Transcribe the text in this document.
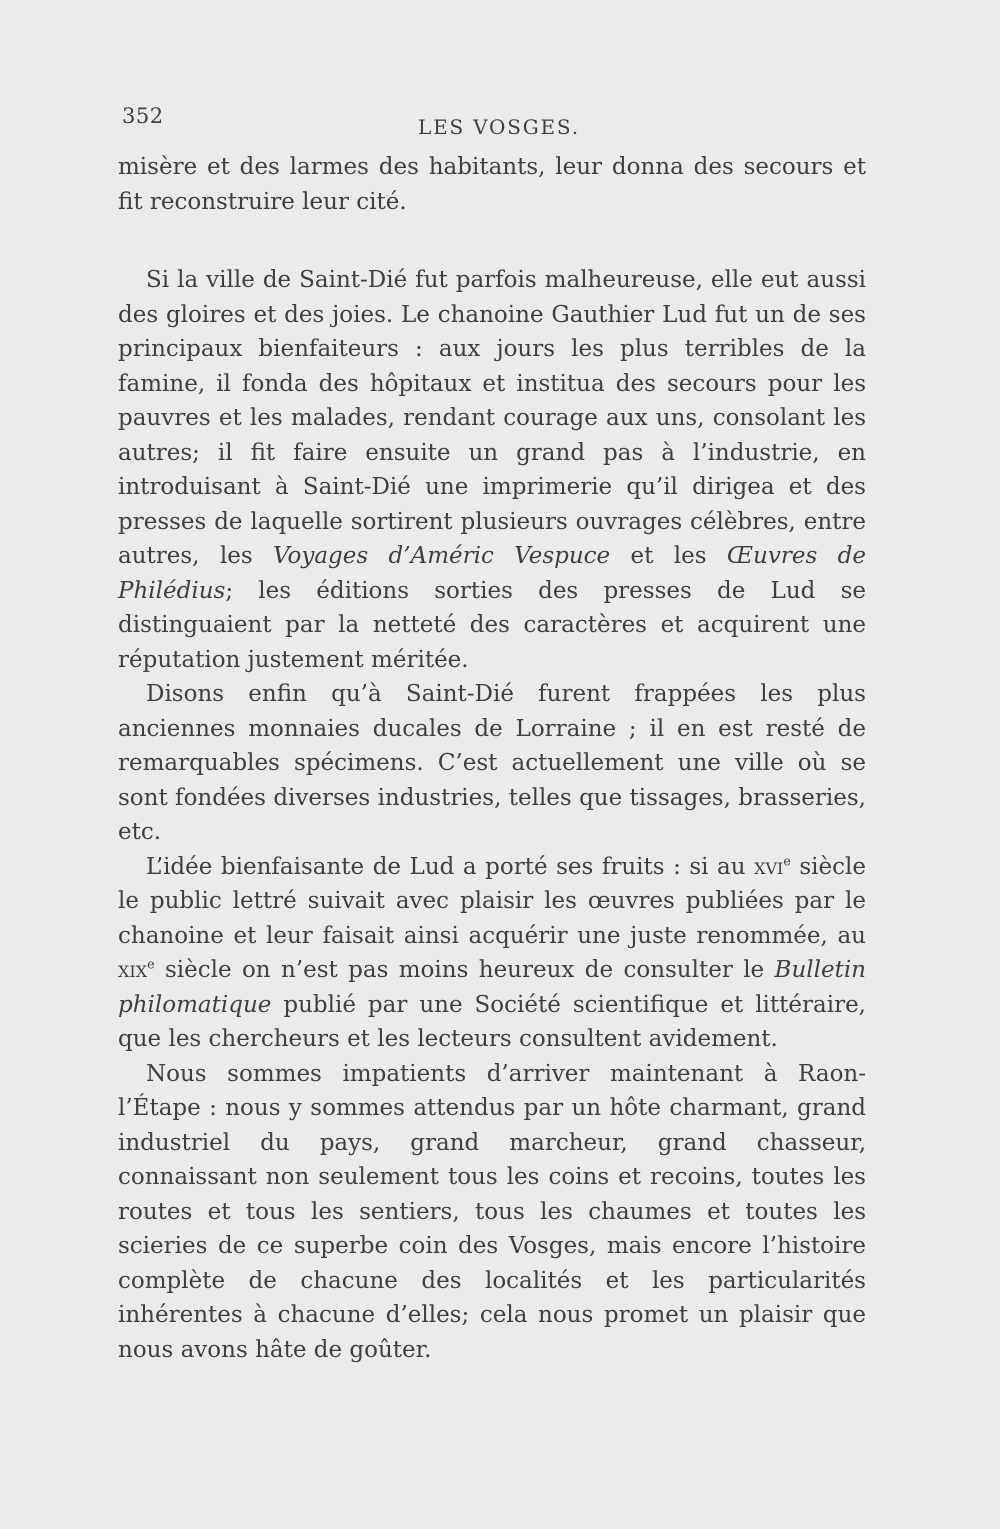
352	LES VOSGES.

misère et des larmes des habitants, leur donna des secours et fit reconstruire leur cité.

Si la ville de Saint-Dié fut parfois malheureuse, elle eut aussi des gloires et des joies. Le chanoine Gauthier Lud fut un de ses principaux bienfaiteurs : aux jours les plus terribles de la famine, il fonda des hôpitaux et institua des secours pour les pauvres et les malades, rendant courage aux uns, consolant les autres; il fit faire ensuite un grand pas à l’industrie, en introduisant à Saint-Dié une imprimerie qu’il dirigea et des presses de laquelle sortirent plusieurs ouvrages célèbres, entre autres, les Voyages d’Améric Vespuce et les Œuvres de Philédius; les éditions sorties des presses de Lud se distinguaient par la netteté des caractères et acquirent une réputation justement méritée.

Disons enfin qu’à Saint-Dié furent frappées les plus anciennes monnaies ducales de Lorraine ; il en est resté de remarquables spécimens. C’est actuellement une ville où se sont fondées diverses industries, telles que tissages, brasseries, etc.

L’idée bienfaisante de Lud a porté ses fruits : si au xvi$^e$ siècle le public lettré suivait avec plaisir les œuvres publiées par le chanoine et leur faisait ainsi acquérir une juste renommée, au xix$^e$ siècle on n’est pas moins heureux de consulter le Bulletin philomatique publié par une Société scientifique et littéraire, que les chercheurs et les lecteurs consultent avidement.

Nous sommes impatients d’arriver maintenant à Raon-l’Étape : nous y sommes attendus par un hôte charmant, grand industriel du pays, grand marcheur, grand chasseur, connaissant non seulement tous les coins et recoins, toutes les routes et tous les sentiers, tous les chaumes et toutes les scieries de ce superbe coin des Vosges, mais encore l’histoire complète de chacune des localités et les particularités inhérentes à chacune d’elles; cela nous promet un plaisir que nous avons hâte de goûter.
